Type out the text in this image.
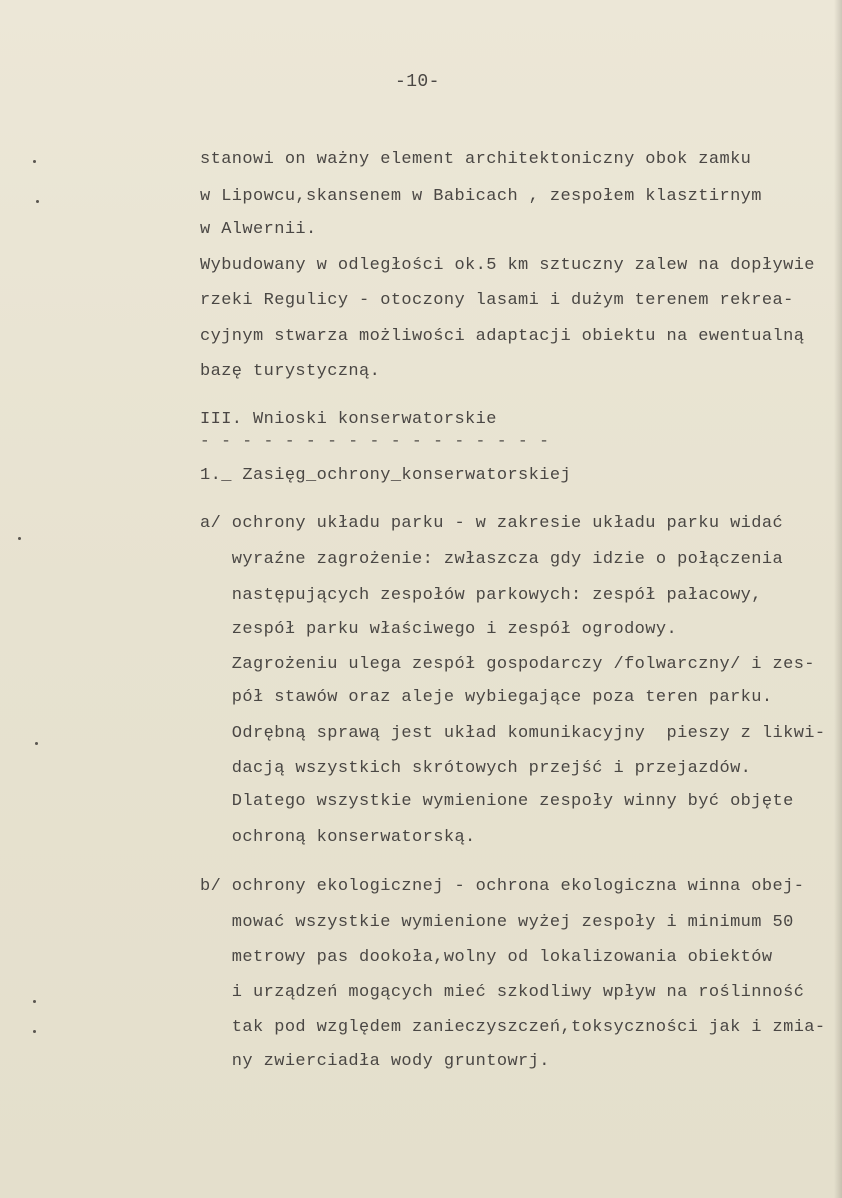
-10-
stanowi on ważny element architektoniczny obok zamku
w Lipowcu,skansenem w Babicach , zespołem klasztirnym
w Alwernii.
Wybudowany w odległości ok.5 km sztuczny zalew na dopływie
rzeki Regulicy - otoczony lasami i dużym terenem rekrea-
cyjnym stwarza możliwości adaptacji obiektu na ewentualną
bazę turystyczną.
III. Wnioski konserwatorskie
- - - - - - - - - - - - - - - - -
1._ Zasięg_ochrony_konserwatorskiej
a/ ochrony układu parku - w zakresie układu parku widać
wyraźne zagrożenie: zwłaszcza gdy idzie o połączenia
następujących zespołów parkowych: zespół pałacowy,
zespół parku właściwego i zespół ogrodowy.
Zagrożeniu ulega zespół gospodarczy /folwarczny/ i zes-
pół stawów oraz aleje wybiegające poza teren parku.
Odrębną sprawą jest układ komunikacyjny  pieszy z likwi-
dacją wszystkich skrótowych przejść i przejazdów.
Dlatego wszystkie wymienione zespoły winny być objęte
ochroną konserwatorską.
b/ ochrony ekologicznej - ochrona ekologiczna winna obej-
mować wszystkie wymienione wyżej zespoły i minimum 50
metrowy pas dookoła,wolny od lokalizowania obiektów
i urządzeń mogących mieć szkodliwy wpływ na roślinność
tak pod względem zanieczyszczeń,toksyczności jak i zmia-
ny zwierciadła wody gruntowrj.
